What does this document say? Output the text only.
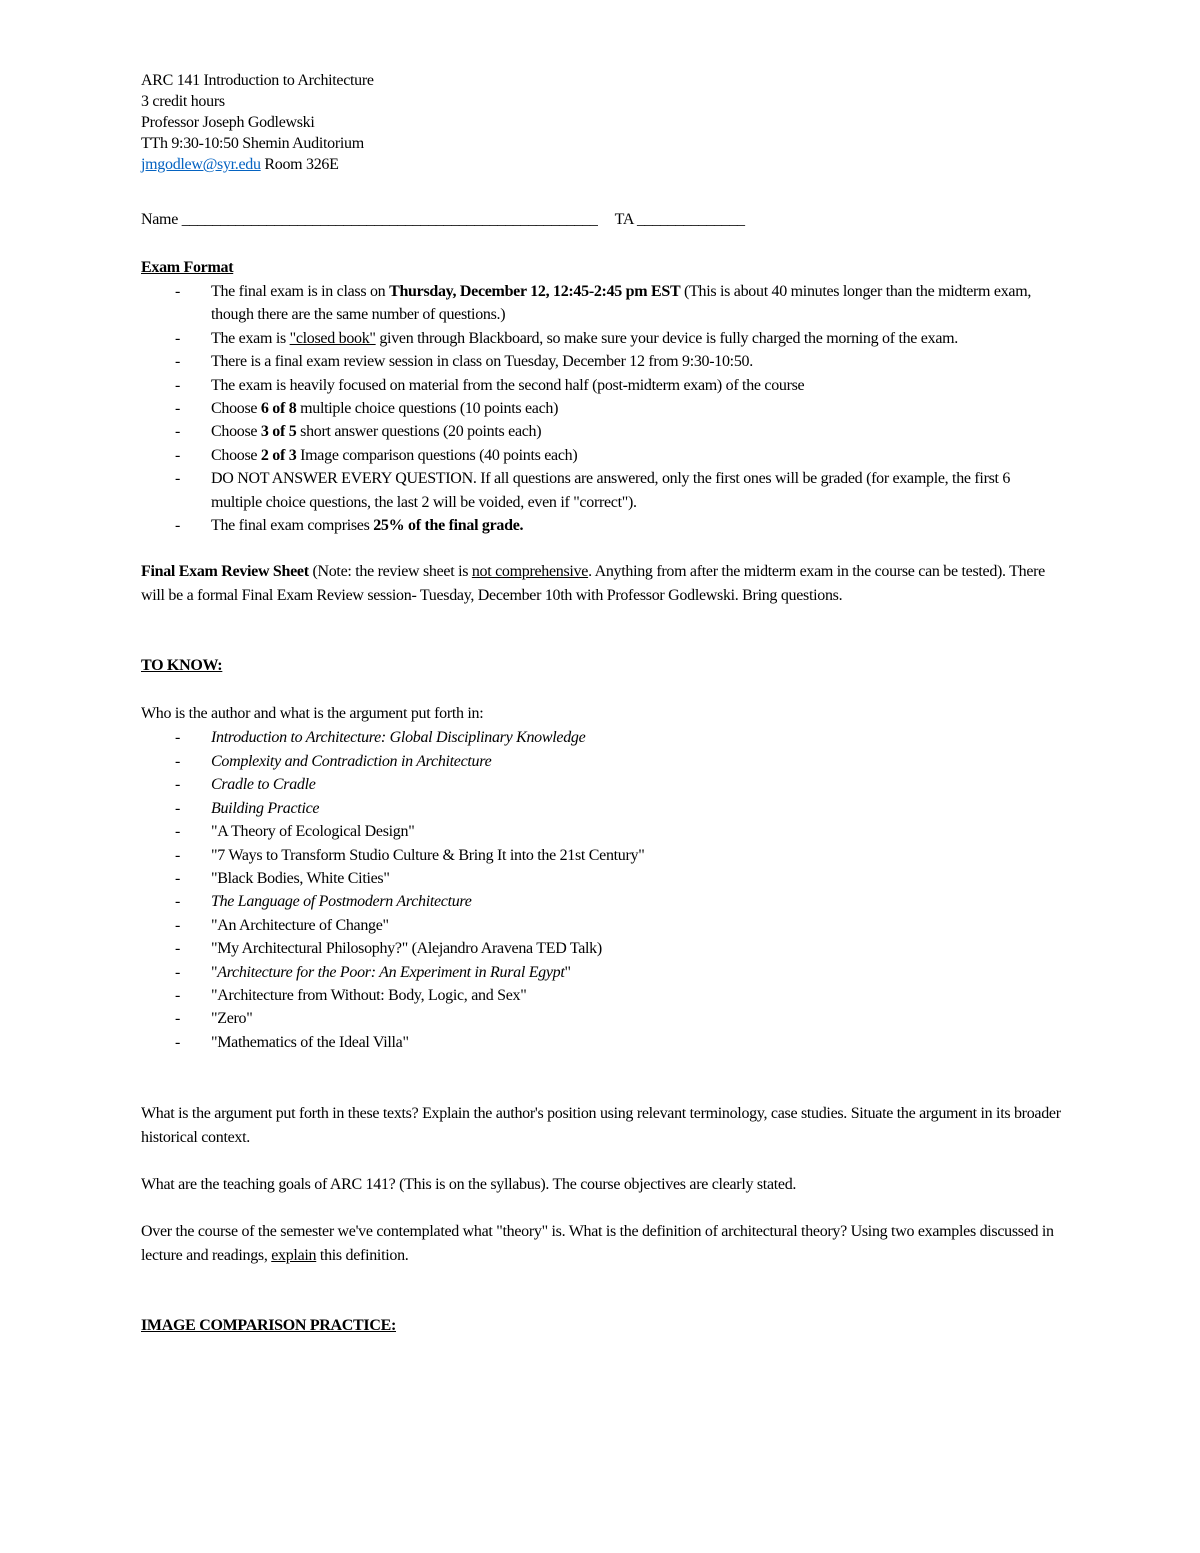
ARC 141 Introduction to Architecture
3 credit hours
Professor Joseph Godlewski
TTh 9:30-10:50 Shemin Auditorium
jmgodlew@syr.edu Room 326E
Name ______________________________________________________ TA ______________
Exam Format
- The final exam is in class on Thursday, December 12, 12:45-2:45 pm EST (This is about 40 minutes longer than the midterm exam, though there are the same number of questions.)
- The exam is "closed book" given through Blackboard, so make sure your device is fully charged the morning of the exam.
- There is a final exam review session in class on Tuesday, December 12 from 9:30-10:50.
- The exam is heavily focused on material from the second half (post-midterm exam) of the course
- Choose 6 of 8 multiple choice questions (10 points each)
- Choose 3 of 5 short answer questions (20 points each)
- Choose 2 of 3 Image comparison questions (40 points each)
- DO NOT ANSWER EVERY QUESTION. If all questions are answered, only the first ones will be graded (for example, the first 6 multiple choice questions, the last 2 will be voided, even if "correct").
- The final exam comprises 25% of the final grade.
Final Exam Review Sheet (Note: the review sheet is not comprehensive. Anything from after the midterm exam in the course can be tested). There will be a formal Final Exam Review session- Tuesday, December 10th with Professor Godlewski. Bring questions.
TO KNOW:
Who is the author and what is the argument put forth in:
- Introduction to Architecture: Global Disciplinary Knowledge
- Complexity and Contradiction in Architecture
- Cradle to Cradle
- Building Practice
- "A Theory of Ecological Design"
- "7 Ways to Transform Studio Culture & Bring It into the 21st Century"
- "Black Bodies, White Cities"
- The Language of Postmodern Architecture
- "An Architecture of Change"
- "My Architectural Philosophy?" (Alejandro Aravena TED Talk)
- "Architecture for the Poor: An Experiment in Rural Egypt"
- "Architecture from Without: Body, Logic, and Sex"
- "Zero"
- "Mathematics of the Ideal Villa"
What is the argument put forth in these texts? Explain the author's position using relevant terminology, case studies. Situate the argument in its broader historical context.
What are the teaching goals of ARC 141? (This is on the syllabus). The course objectives are clearly stated.
Over the course of the semester we've contemplated what "theory" is. What is the definition of architectural theory? Using two examples discussed in lecture and readings, explain this definition.
IMAGE COMPARISON PRACTICE:
